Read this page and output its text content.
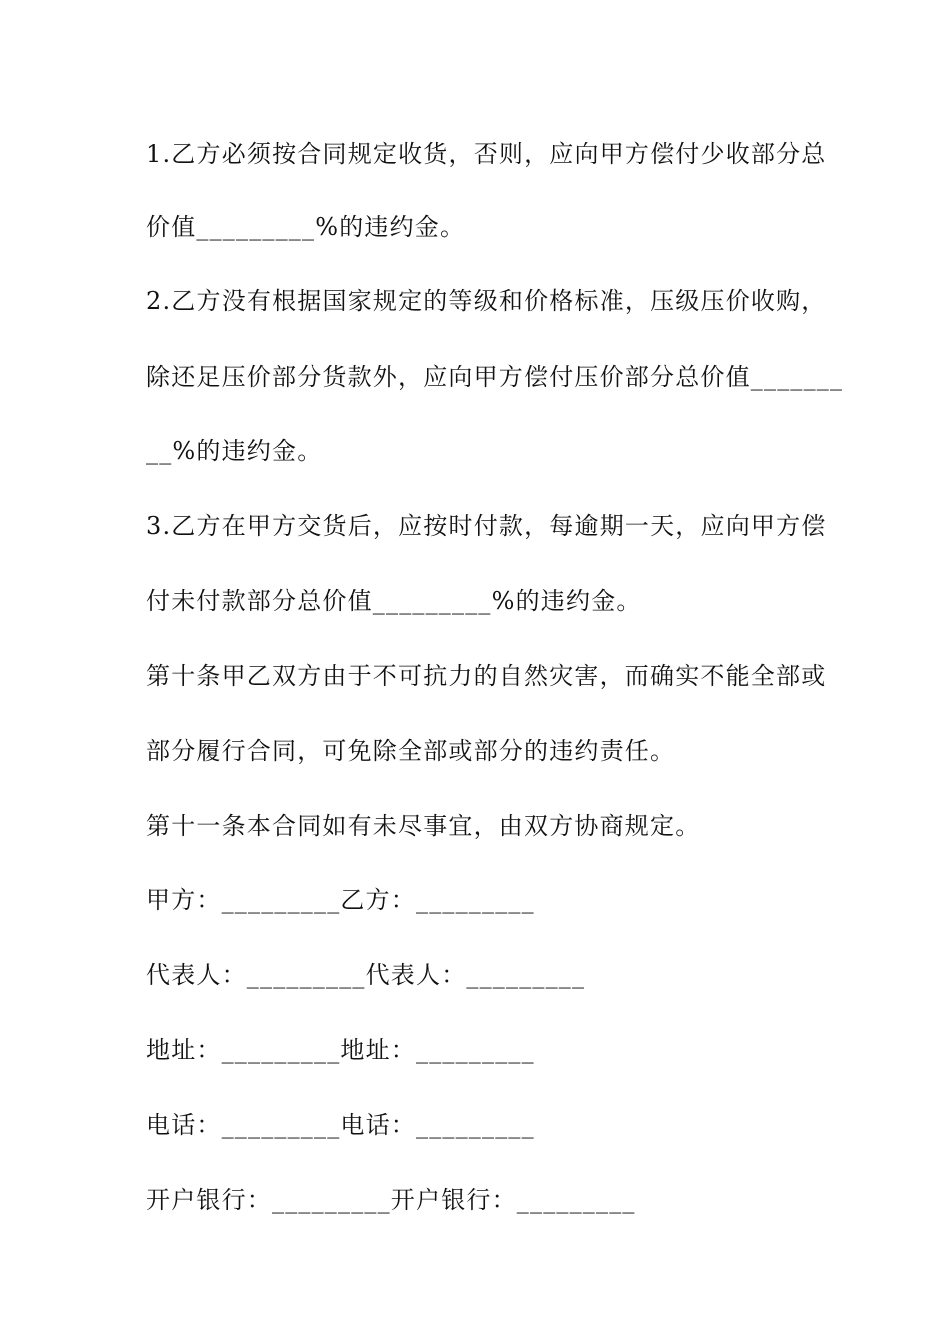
1.乙方必须按合同规定收货，否则，应向甲方偿付少收部分总
价值_________%的违约金。
2.乙方没有根据国家规定的等级和价格标准，压级压价收购，
除还足压价部分货款外，应向甲方偿付压价部分总价值_______
__%的违约金。
3.乙方在甲方交货后，应按时付款，每逾期一天，应向甲方偿
付未付款部分总价值_________%的违约金。
第十条甲乙双方由于不可抗力的自然灾害，而确实不能全部或
部分履行合同，可免除全部或部分的违约责任。
第十一条本合同如有未尽事宜，由双方协商规定。
甲方：_________乙方：_________
代表人：_________代表人：_________
地址：_________地址：_________
电话：_________电话：_________
开户银行：_________开户银行：_________
